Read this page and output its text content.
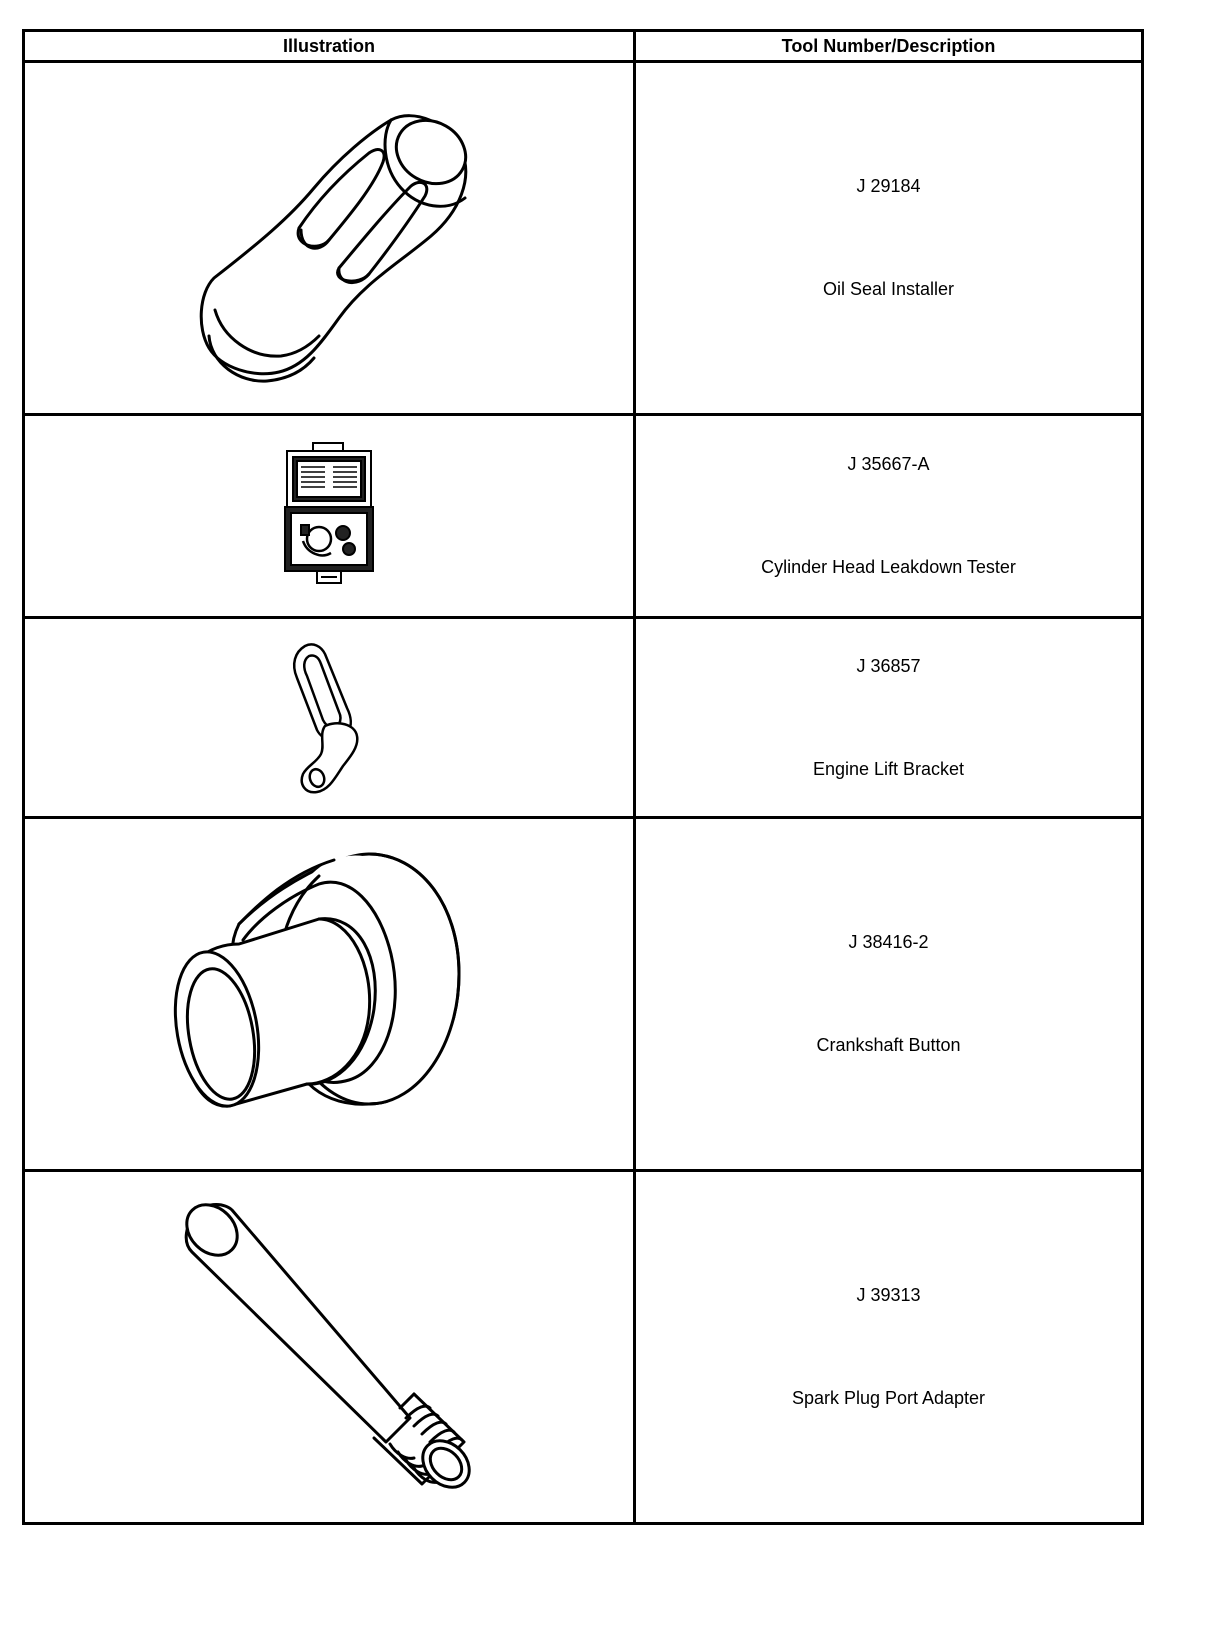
Illustration	Tool Number/Description

J 29184
Oil Seal Installer

J 35667-A
Cylinder Head Leakdown Tester

J 36857
Engine Lift Bracket

J 38416-2
Crankshaft Button

J 39313
Spark Plug Port Adapter
